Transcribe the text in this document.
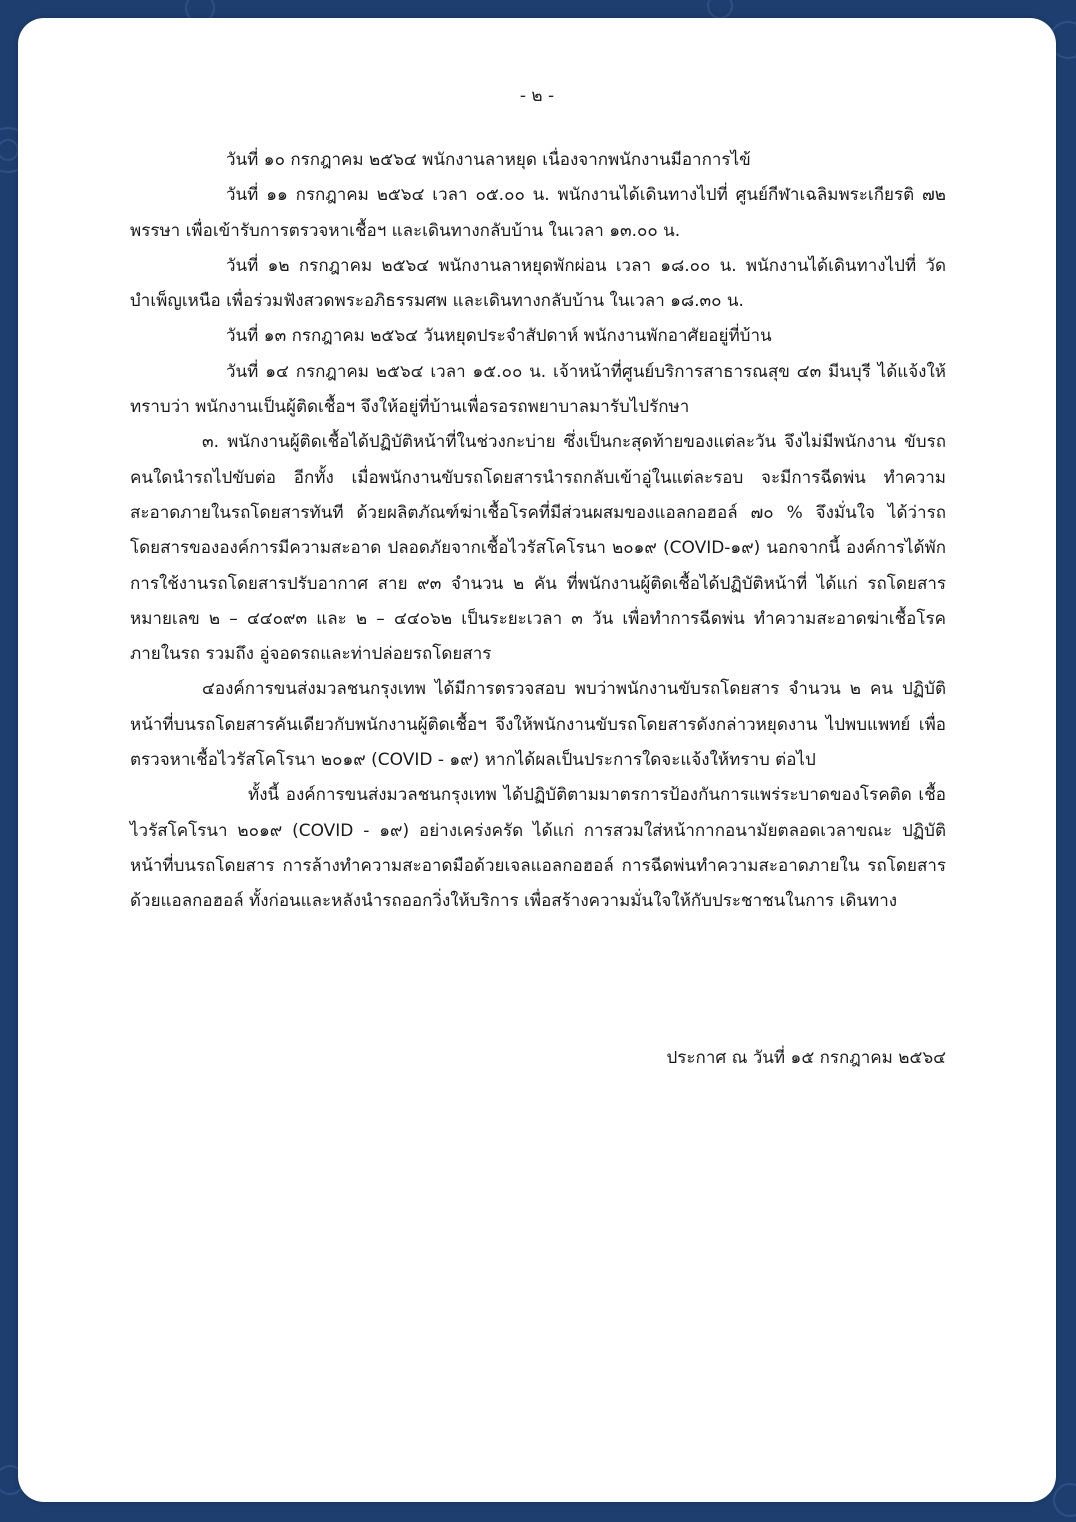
- ๒ -

วันที่ ๑๐ กรกฎาคม ๒๕๖๔ พนักงานลาหยุด เนื่องจากพนักงานมีอาการไข้

วันที่ ๑๑ กรกฎาคม ๒๕๖๔ เวลา ๐๕.๐๐ น. พนักงานได้เดินทางไปที่ ศูนย์กีฬาเฉลิมพระเกียรติ ๗๒ พรรษา เพื่อเข้ารับการตรวจหาเชื้อฯ และเดินทางกลับบ้าน ในเวลา ๑๓.๐๐ น.

วันที่ ๑๒ กรกฎาคม ๒๕๖๔ พนักงานลาหยุดพักผ่อน เวลา ๑๘.๐๐ น. พนักงานได้เดินทางไปที่ วัดบำเพ็ญเหนือ เพื่อร่วมฟังสวดพระอภิธรรมศพ และเดินทางกลับบ้าน ในเวลา ๑๘.๓๐ น.

วันที่ ๑๓ กรกฎาคม ๒๕๖๔ วันหยุดประจำสัปดาห์ พนักงานพักอาศัยอยู่ที่บ้าน

วันที่ ๑๔ กรกฎาคม ๒๕๖๔ เวลา ๑๕.๐๐ น. เจ้าหน้าที่ศูนย์บริการสาธารณสุข ๔๓ มีนบุรี ได้แจ้งให้ทราบว่า พนักงานเป็นผู้ติดเชื้อฯ จึงให้อยู่ที่บ้านเพื่อรอรถพยาบาลมารับไปรักษา

๓. พนักงานผู้ติดเชื้อได้ปฏิบัติหน้าที่ในช่วงกะบ่าย ซึ่งเป็นกะสุดท้ายของแต่ละวัน จึงไม่มีพนักงาน ขับรถคนใดนำรถไปขับต่อ อีกทั้ง เมื่อพนักงานขับรถโดยสารนำรถกลับเข้าอู่ในแต่ละรอบ จะมีการฉีดพ่น ทำความสะอาดภายในรถโดยสารทันที ด้วยผลิตภัณฑ์ฆ่าเชื้อโรคที่มีส่วนผสมของแอลกอฮอล์ ๗๐ % จึงมั่นใจ ได้ว่ารถโดยสารขององค์การมีความสะอาด ปลอดภัยจากเชื้อไวรัสโคโรนา ๒๐๑๙ (COVID-๑๙) นอกจากนี้ องค์การได้พักการใช้งานรถโดยสารปรับอากาศ สาย ๙๓ จำนวน ๒ คัน ที่พนักงานผู้ติดเชื้อได้ปฏิบัติหน้าที่ ได้แก่ รถโดยสารหมายเลข ๒ – ๔๔๐๙๓ และ ๒ – ๔๔๐๖๒ เป็นระยะเวลา ๓ วัน เพื่อทำการฉีดพ่น ทำความสะอาดฆ่าเชื้อโรคภายในรถ รวมถึง อู่จอดรถและท่าปล่อยรถโดยสาร

๔องค์การขนส่งมวลชนกรุงเทพ ได้มีการตรวจสอบ พบว่าพนักงานขับรถโดยสาร จำนวน ๒ คน ปฏิบัติหน้าที่บนรถโดยสารคันเดียวกับพนักงานผู้ติดเชื้อฯ จึงให้พนักงานขับรถโดยสารดังกล่าวหยุดงาน ไปพบแพทย์ เพื่อตรวจหาเชื้อไวรัสโคโรนา ๒๐๑๙ (COVID - ๑๙) หากได้ผลเป็นประการใดจะแจ้งให้ทราบ ต่อไป

ทั้งนี้ องค์การขนส่งมวลชนกรุงเทพ ได้ปฏิบัติตามมาตรการป้องกันการแพร่ระบาดของโรคติด เชื้อไวรัสโคโรนา ๒๐๑๙ (COVID - ๑๙) อย่างเคร่งครัด ได้แก่ การสวมใส่หน้ากากอนามัยตลอดเวลาขณะ ปฏิบัติหน้าที่บนรถโดยสาร การล้างทำความสะอาดมือด้วยเจลแอลกอฮอล์ การฉีดพ่นทำความสะอาดภายใน รถโดยสารด้วยแอลกอฮอล์ ทั้งก่อนและหลังนำรถออกวิ่งให้บริการ เพื่อสร้างความมั่นใจให้กับประชาชนในการ เดินทาง

ประกาศ ณ วันที่ ๑๕ กรกฎาคม ๒๕๖๔
